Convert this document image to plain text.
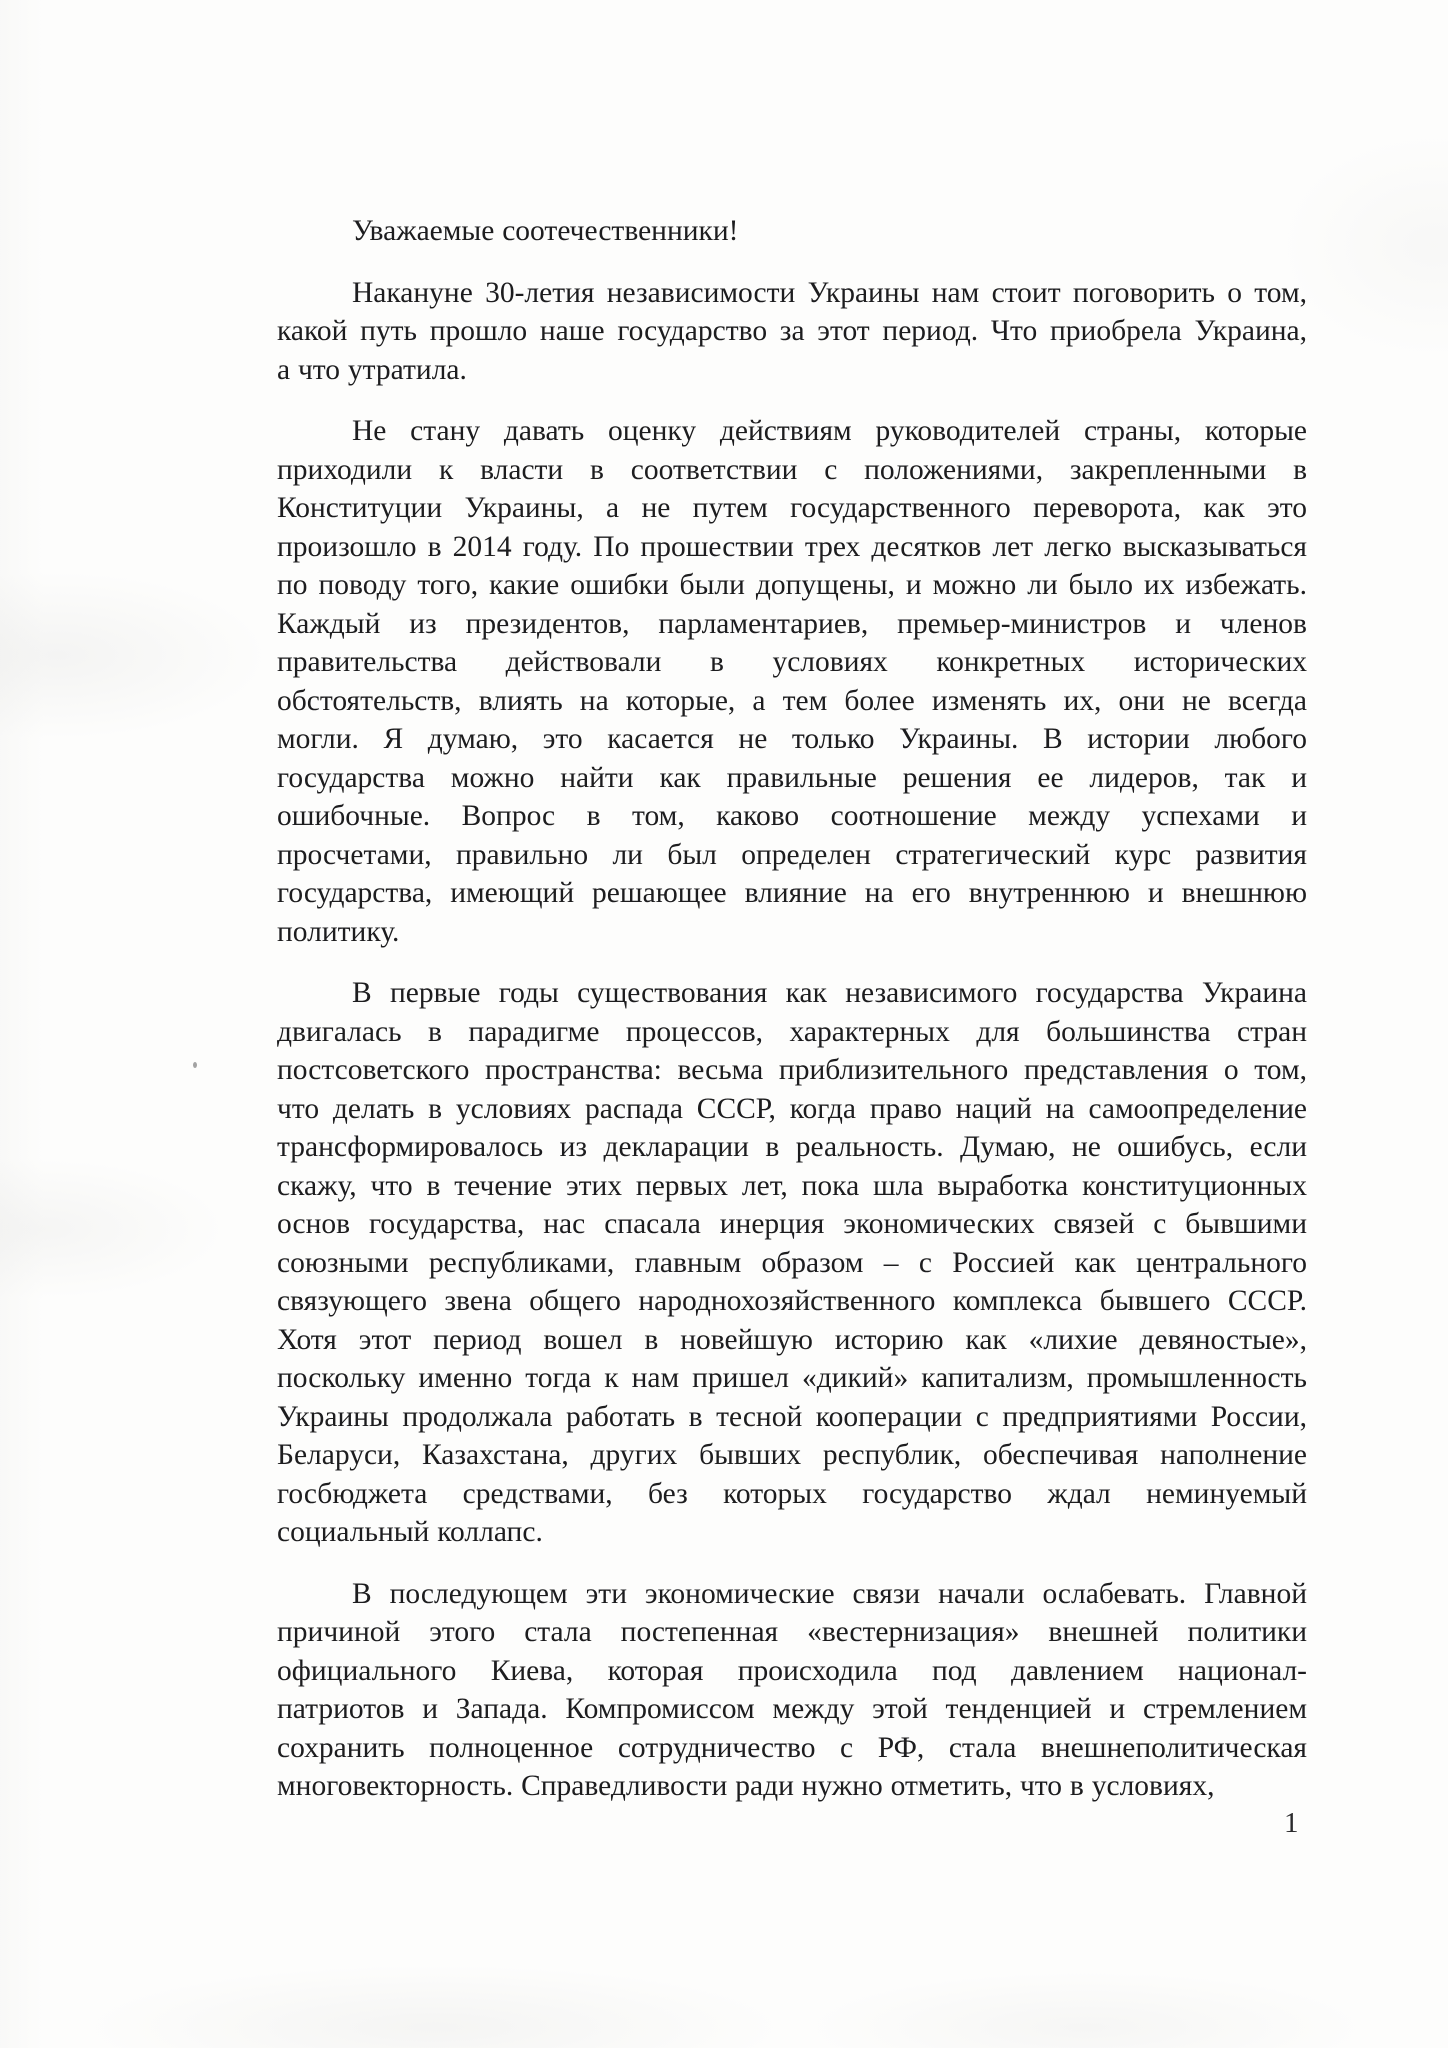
Уважаемые соотечественники!
Накануне 30-летия независимости Украины нам стоит поговорить о том,
какой путь прошло наше государство за этот период. Что приобрела Украина,
а что утратила.
Не стану давать оценку действиям руководителей страны, которые
приходили к власти в соответствии с положениями, закрепленными в
Конституции Украины, а не путем государственного переворота, как это
произошло в 2014 году. По прошествии трех десятков лет легко высказываться
по поводу того, какие ошибки были допущены, и можно ли было их избежать.
Каждый из президентов, парламентариев, премьер-министров и членов
правительства действовали в условиях конкретных исторических
обстоятельств, влиять на которые, а тем более изменять их, они не всегда
могли. Я думаю, это касается не только Украины. В истории любого
государства можно найти как правильные решения ее лидеров, так и
ошибочные. Вопрос в том, каково соотношение между успехами и
просчетами, правильно ли был определен стратегический курс развития
государства, имеющий решающее влияние на его внутреннюю и внешнюю
политику.
В первые годы существования как независимого государства Украина
двигалась в парадигме процессов, характерных для большинства стран
постсоветского пространства: весьма приблизительного представления о том,
что делать в условиях распада СССР, когда право наций на самоопределение
трансформировалось из декларации в реальность. Думаю, не ошибусь, если
скажу, что в течение этих первых лет, пока шла выработка конституционных
основ государства, нас спасала инерция экономических связей с бывшими
союзными республиками, главным образом – с Россией как центрального
связующего звена общего народнохозяйственного комплекса бывшего СССР.
Хотя этот период вошел в новейшую историю как «лихие девяностые»,
поскольку именно тогда к нам пришел «дикий» капитализм, промышленность
Украины продолжала работать в тесной кооперации с предприятиями России,
Беларуси, Казахстана, других бывших республик, обеспечивая наполнение
госбюджета средствами, без которых государство ждал неминуемый
социальный коллапс.
В последующем эти экономические связи начали ослабевать. Главной
причиной этого стала постепенная «вестернизация» внешней политики
официального Киева, которая происходила под давлением национал-
патриотов и Запада. Компромиссом между этой тенденцией и стремлением
сохранить полноценное сотрудничество с РФ, стала внешнеполитическая
многовекторность. Справедливости ради нужно отметить, что в условиях,
1
